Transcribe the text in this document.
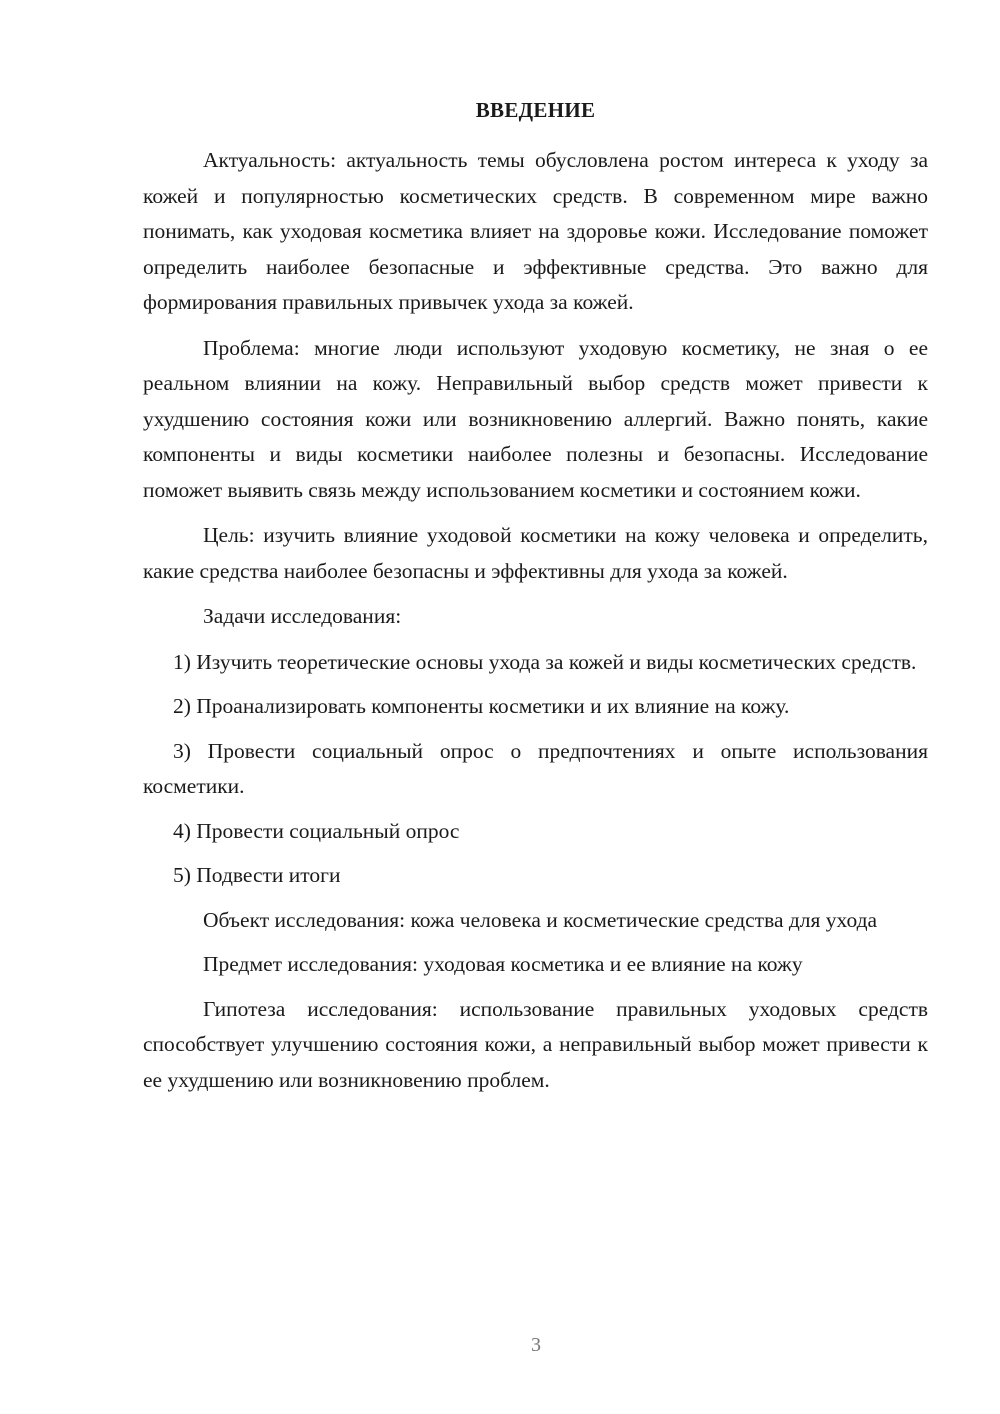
ВВЕДЕНИЕ

Актуальность: актуальность темы обусловлена ростом интереса к уходу за кожей и популярностью косметических средств. В современном мире важно понимать, как уходовая косметика влияет на здоровье кожи. Исследование поможет определить наиболее безопасные и эффективные средства. Это важно для формирования правильных привычек ухода за кожей.

Проблема: многие люди используют уходовую косметику, не зная о ее реальном влиянии на кожу. Неправильный выбор средств может привести к ухудшению состояния кожи или возникновению аллергий. Важно понять, какие компоненты и виды косметики наиболее полезны и безопасны. Исследование поможет выявить связь между использованием косметики и состоянием кожи.

Цель: изучить влияние уходовой косметики на кожу человека и определить, какие средства наиболее безопасны и эффективны для ухода за кожей.

Задачи исследования:

1) Изучить теоретические основы ухода за кожей и виды косметических средств.

2) Проанализировать компоненты косметики и их влияние на кожу.

3) Провести социальный опрос о предпочтениях и опыте использования косметики.

4) Провести социальный опрос

5) Подвести итоги

Объект исследования: кожа человека и косметические средства для ухода

Предмет исследования: уходовая косметика и ее влияние на кожу

Гипотеза исследования: использование правильных уходовых средств способствует улучшению состояния кожи, а неправильный выбор может привести к ее ухудшению или возникновению проблем.

3
